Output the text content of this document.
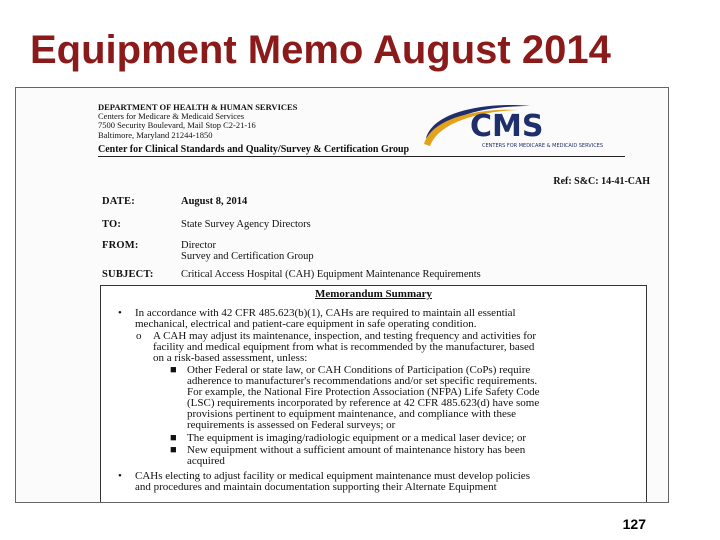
Equipment Memo August 2014
DEPARTMENT OF HEALTH & HUMAN SERVICES
Centers for Medicare & Medicaid Services
7500 Security Boulevard, Mail Stop C2-21-16
Baltimore, Maryland 21244-1850	CMS
CENTERS FOR MEDICARE & MEDICAID SERVICES
Center for Clinical Standards and Quality/Survey & Certification Group
Ref: S&C: 14-41-CAH
DATE:	August 8, 2014
TO:	State Survey Agency Directors
FROM:	Director
Survey and Certification Group
SUBJECT:	Critical Access Hospital (CAH) Equipment Maintenance Requirements
Memorandum Summary
• In accordance with 42 CFR 485.623(b)(1), CAHs are required to maintain all essential
mechanical, electrical and patient-care equipment in safe operating condition.
o A CAH may adjust its maintenance, inspection, and testing frequency and activities for
facility and medical equipment from what is recommended by the manufacturer, based
on a risk-based assessment, unless:
■ Other Federal or state law, or CAH Conditions of Participation (CoPs) require
adherence to manufacturer's recommendations and/or set specific requirements.
For example, the National Fire Protection Association (NFPA) Life Safety Code
(LSC) requirements incorporated by reference at 42 CFR 485.623(d) have some
provisions pertinent to equipment maintenance, and compliance with these
requirements is assessed on Federal surveys; or
■ The equipment is imaging/radiologic equipment or a medical laser device; or
■ New equipment without a sufficient amount of maintenance history has been
acquired
• CAHs electing to adjust facility or medical equipment maintenance must develop policies
and procedures and maintain documentation supporting their Alternate Equipment
127
